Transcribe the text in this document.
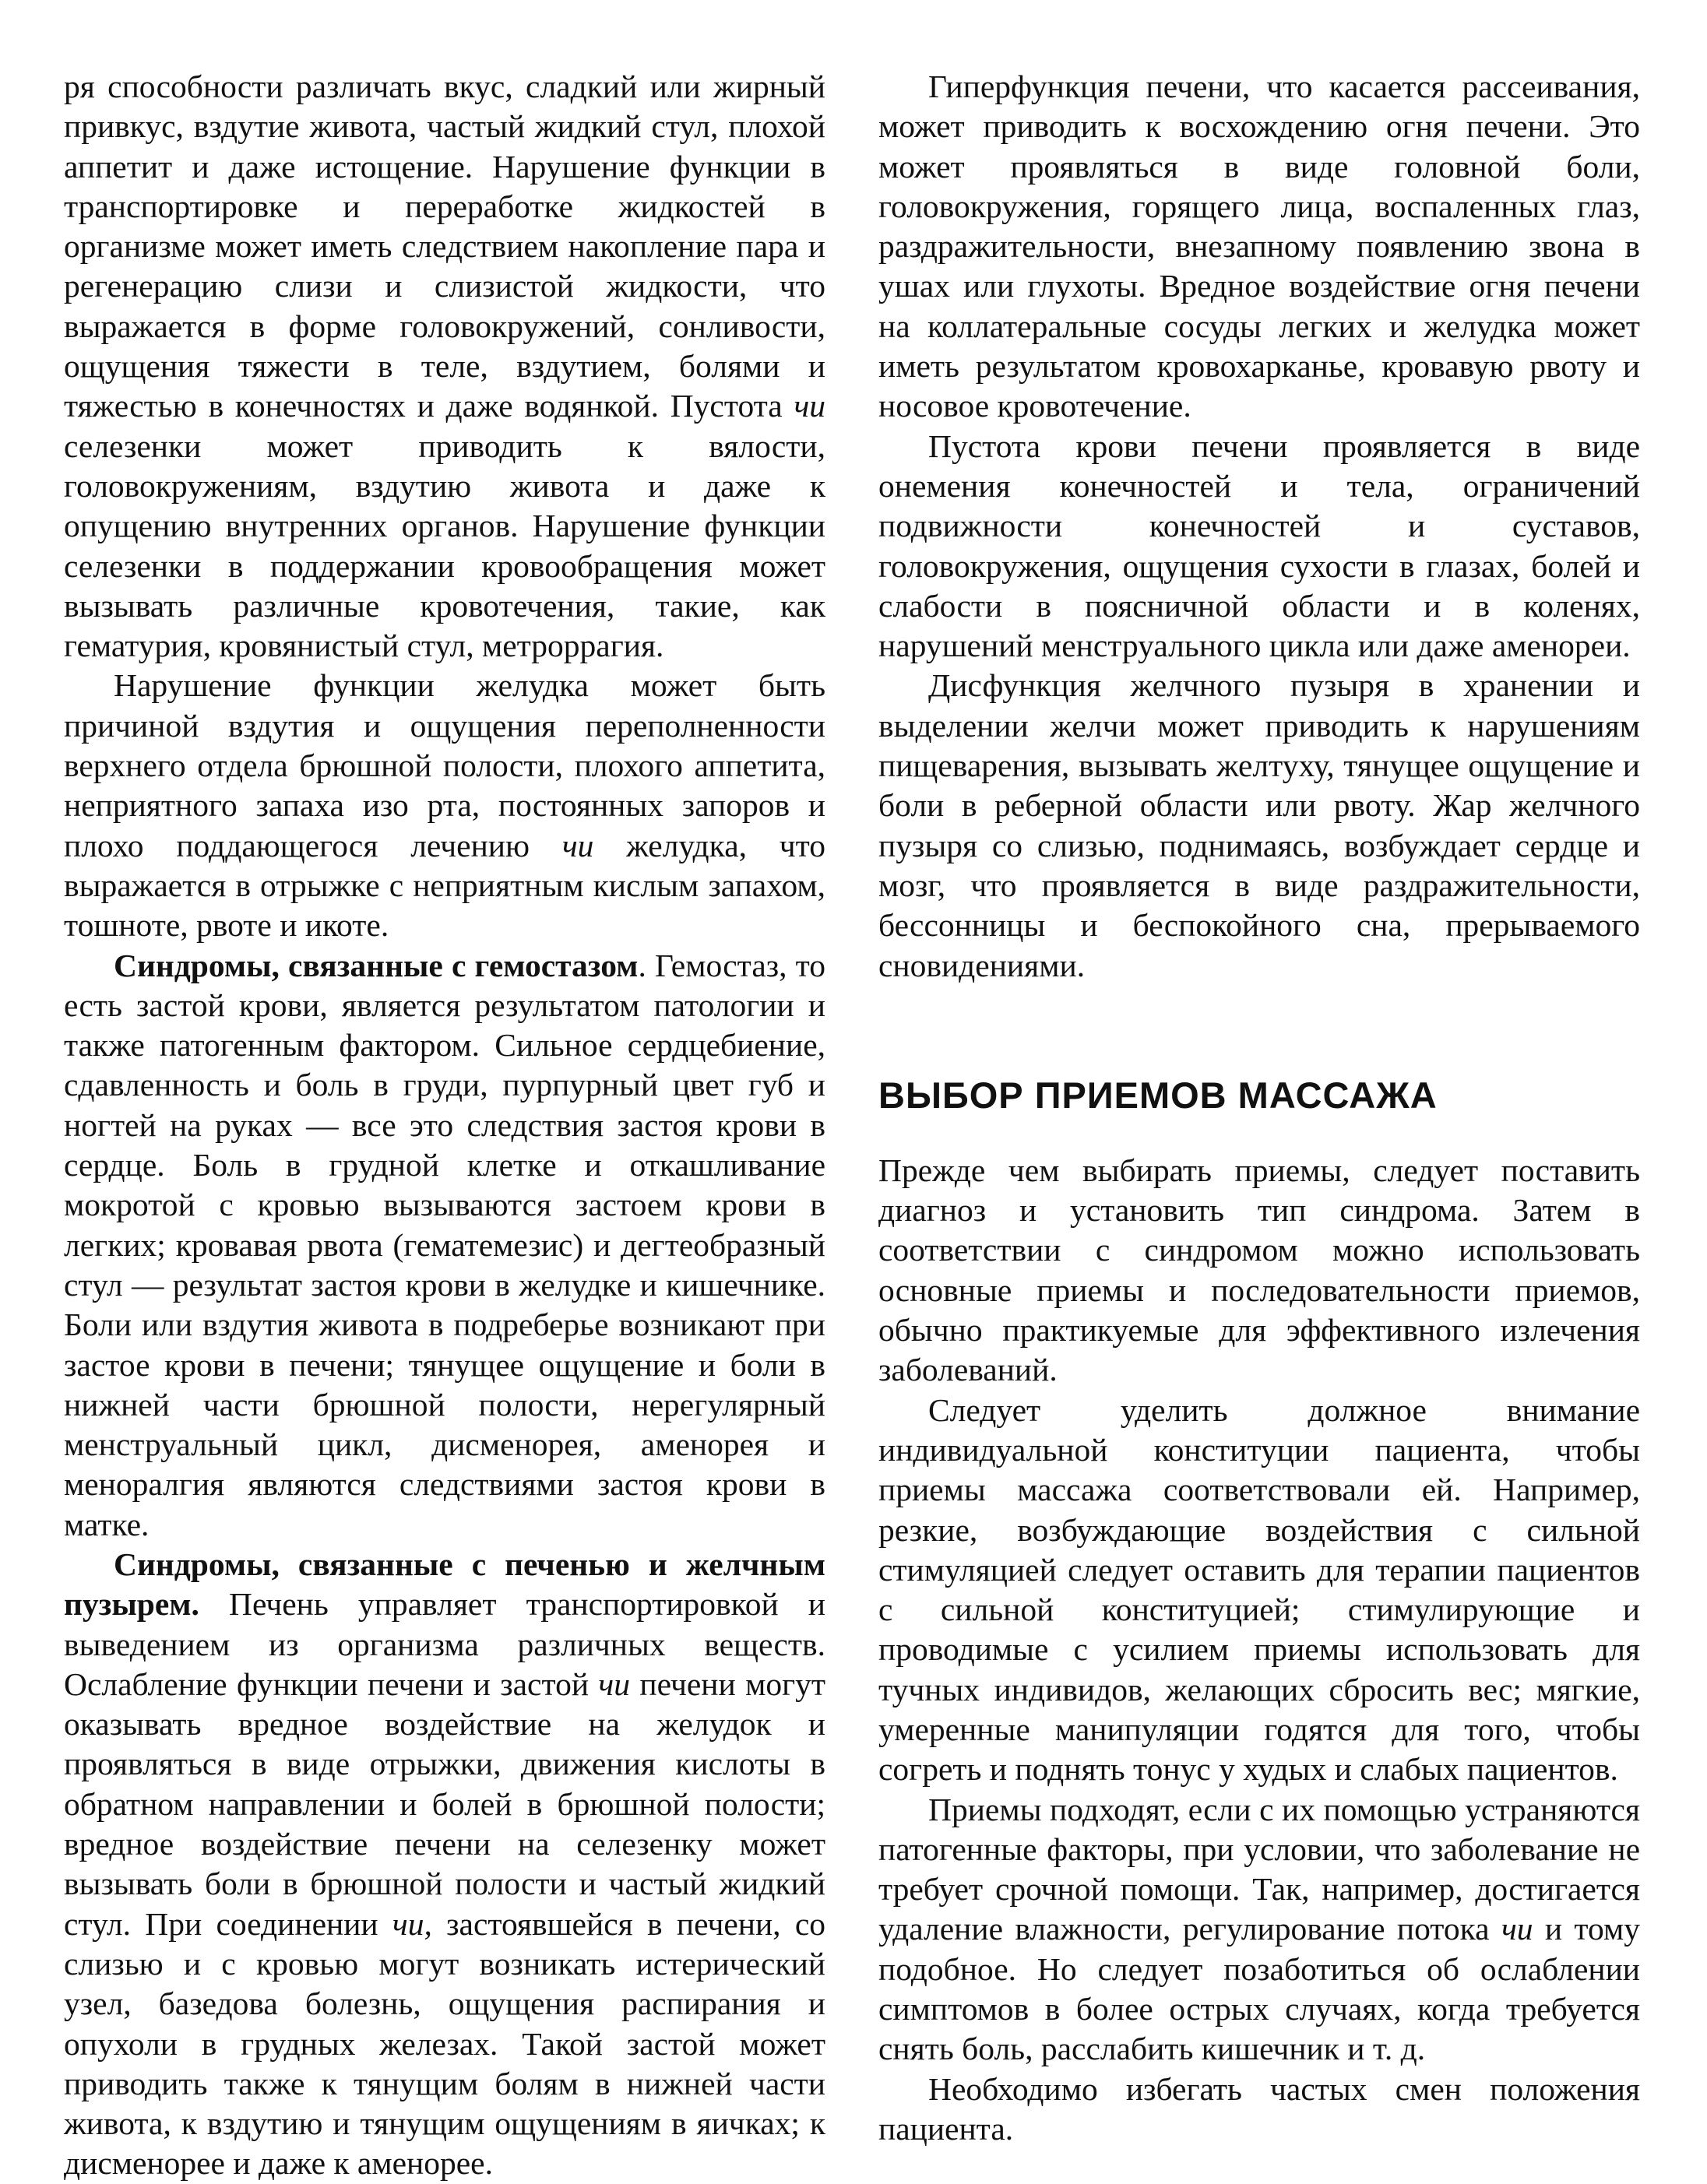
ря способности различать вкус, сладкий или жирный привкус, вздутие живота, частый жидкий стул, плохой аппетит и даже истощение. Нарушение функции в транспортировке и переработке жидкостей в организме может иметь следствием накопление пара и регенерацию слизи и слизистой жидкости, что выражается в форме головокружений, сонливости, ощущения тяжести в теле, вздутием, болями и тяжестью в конечностях и даже водянкой. Пустота чи селезенки может приводить к вялости, головокружениям, вздутию живота и даже к опущению внутренних органов. Нарушение функции селезенки в поддержании кровообращения может вызывать различные кровотечения, такие, как гематурия, кровянистый стул, метроррагия.

Нарушение функции желудка может быть причиной вздутия и ощущения переполненности верхнего отдела брюшной полости, плохого аппетита, неприятного запаха изо рта, постоянных запоров и плохо поддающегося лечению чи желудка, что выражается в отрыжке с неприятным кислым запахом, тошноте, рвоте и икоте.

Синдромы, связанные с гемостазом. Гемостаз, то есть застой крови, является результатом патологии и также патогенным фактором. Сильное сердцебиение, сдавленность и боль в груди, пурпурный цвет губ и ногтей на руках — все это следствия застоя крови в сердце. Боль в грудной клетке и откашливание мокротой с кровью вызываются застоем крови в легких; кровавая рвота (гематемезис) и дегтеобразный стул — результат застоя крови в желудке и кишечнике. Боли или вздутия живота в подреберье возникают при застое крови в печени; тянущее ощущение и боли в нижней части брюшной полости, нерегулярный менструальный цикл, дисменорея, аменорея и меноралгия являются следствиями застоя крови в матке.

Синдромы, связанные с печенью и желчным пузырем. Печень управляет транспортировкой и выведением из организма различных веществ. Ослабление функции печени и застой чи печени могут оказывать вредное воздействие на желудок и проявляться в виде отрыжки, движения кислоты в обратном направлении и болей в брюшной полости; вредное воздействие печени на селезенку может вызывать боли в брюшной полости и частый жидкий стул. При соединении чи, застоявшейся в печени, со слизью и с кровью могут возникать истерический узел, базедова болезнь, ощущения распирания и опухоли в грудных железах. Такой застой может приводить также к тянущим болям в нижней части живота, к вздутию и тянущим ощущениям в яичках; к дисменорее и даже к аменорее.

Гиперфункция печени, что касается рассеивания, может приводить к восхождению огня печени. Это может проявляться в виде головной боли, головокружения, горящего лица, воспаленных глаз, раздражительности, внезапному появлению звона в ушах или глухоты. Вредное воздействие огня печени на коллатеральные сосуды легких и желудка может иметь результатом кровохарканье, кровавую рвоту и носовое кровотечение.

Пустота крови печени проявляется в виде онемения конечностей и тела, ограничений подвижности конечностей и суставов, головокружения, ощущения сухости в глазах, болей и слабости в поясничной области и в коленях, нарушений менструального цикла или даже аменореи.

Дисфункция желчного пузыря в хранении и выделении желчи может приводить к нарушениям пищеварения, вызывать желтуху, тянущее ощущение и боли в реберной области или рвоту. Жар желчного пузыря со слизью, поднимаясь, возбуждает сердце и мозг, что проявляется в виде раздражительности, бессонницы и беспокойного сна, прерываемого сновидениями.

ВЫБОР ПРИЕМОВ МАССАЖА

Прежде чем выбирать приемы, следует поставить диагноз и установить тип синдрома. Затем в соответствии с синдромом можно использовать основные приемы и последовательности приемов, обычно практикуемые для эффективного излечения заболеваний.

Следует уделить должное внимание индивидуальной конституции пациента, чтобы приемы массажа соответствовали ей. Например, резкие, возбуждающие воздействия с сильной стимуляцией следует оставить для терапии пациентов с сильной конституцией; стимулирующие и проводимые с усилием приемы использовать для тучных индивидов, желающих сбросить вес; мягкие, умеренные манипуляции годятся для того, чтобы согреть и поднять тонус у худых и слабых пациентов.

Приемы подходят, если с их помощью устраняются патогенные факторы, при условии, что заболевание не требует срочной помощи. Так, например, достигается удаление влажности, регулирование потока чи и тому подобное. Но следует позаботиться об ослаблении симптомов в более острых случаях, когда требуется снять боль, расслабить кишечник и т. д.

Необходимо избегать частых смен положения пациента.
